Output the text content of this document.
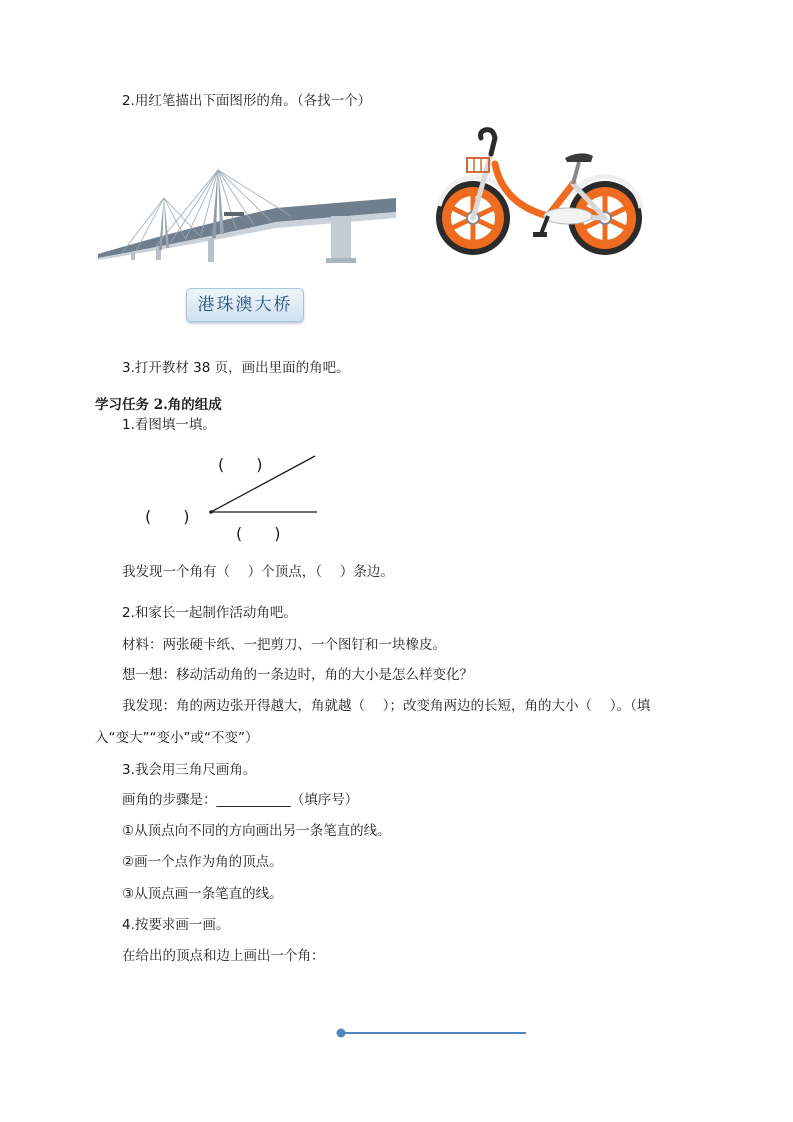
2.用红笔描出下面图形的角。（各找一个）
港珠澳大桥
3.打开教材 38 页，画出里面的角吧。
学习任务 2.角的组成
1.看图填一填。
(　　)
(　　)
(　　)
我发现一个角有（　 ）个顶点，（　 ）条边。
2.和家长一起制作活动角吧。
材料：两张硬卡纸、一把剪刀、一个图钉和一块橡皮。
想一想：移动活动角的一条边时，角的大小是怎么样变化？
我发现：角的两边张开得越大，角就越（　 ）；改变角两边的长短，角的大小（　 ）。（填
入“变大”“变小”或“不变”）
3.我会用三角尺画角。
画角的步骤是：___________（填序号）
①从顶点向不同的方向画出另一条笔直的线。
②画一个点作为角的顶点。
③从顶点画一条笔直的线。
4.按要求画一画。
在给出的顶点和边上画出一个角：
